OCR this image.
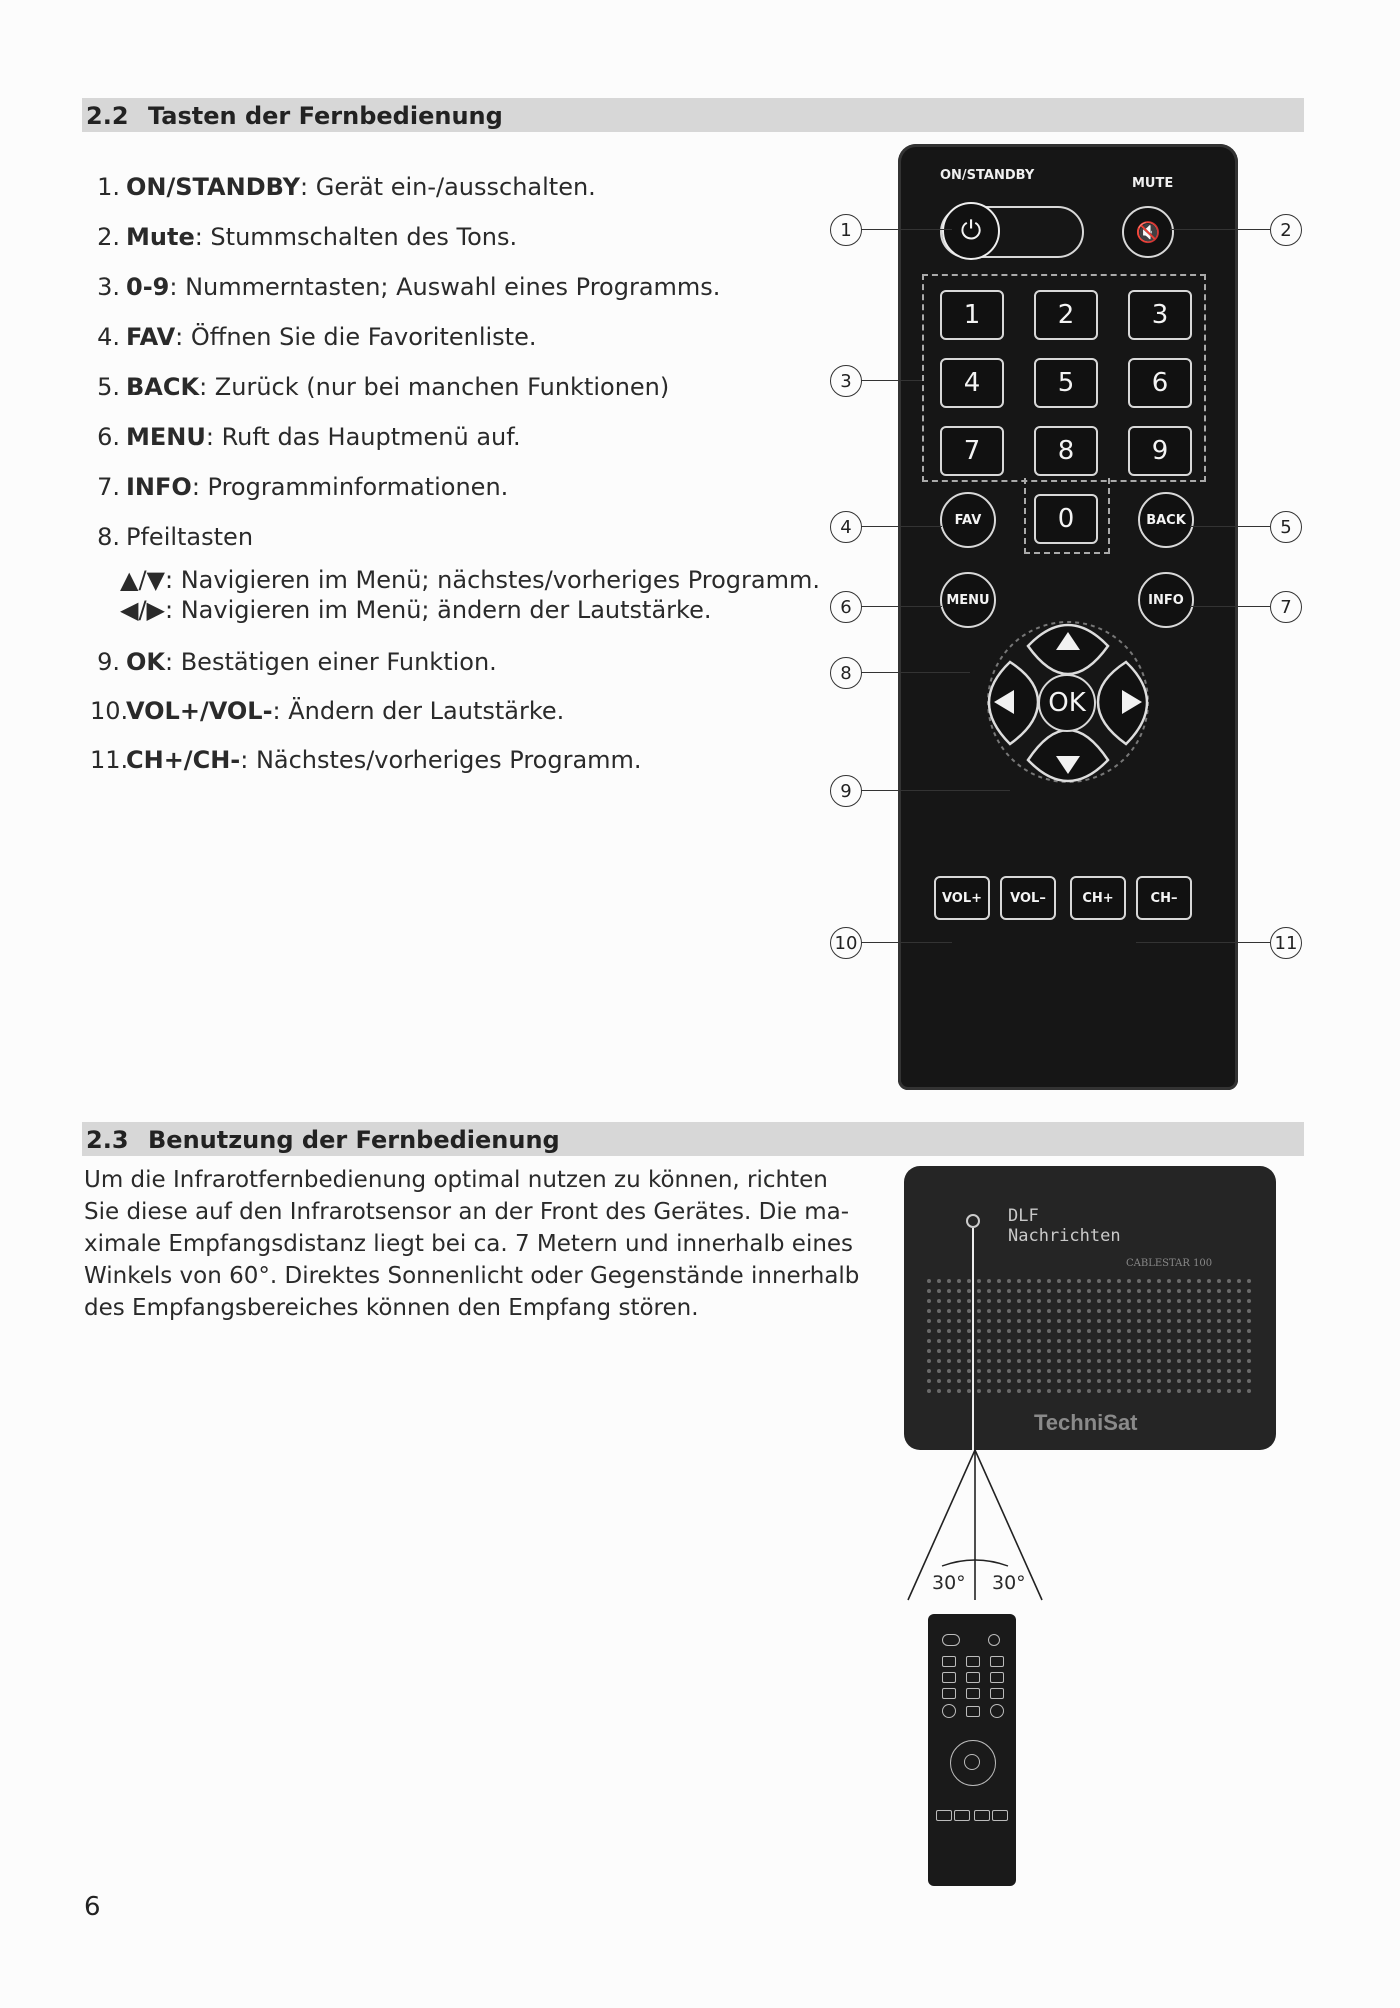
2.2 Tasten der Fernbedienung
1. ON/STANDBY: Gerät ein-/ausschalten.
2. Mute: Stummschalten des Tons.
3. 0-9: Nummerntasten; Auswahl eines Programms.
4. FAV: Öffnen Sie die Favoritenliste.
5. BACK: Zurück (nur bei manchen Funktionen)
6. MENU: Ruft das Hauptmenü auf.
7. INFO: Programminformationen.
8. Pfeiltasten
▲/▼: Navigieren im Menü; nächstes/vorheriges Programm.
◀/▶: Navigieren im Menü; ändern der Lautstärke.
9. OK: Bestätigen einer Funktion.
10.VOL+/VOL-: Ändern der Lautstärke.
11.CH+/CH-: Nächstes/vorheriges Programm.
ON/STANDBY
MUTE
⏻	🔇
1	2	3
4	5	6
7	8	9
0
FAV	BACK
MENU	INFO
OK
VOL+	VOL–	CH+	CH–
1	2
3
4	5
6	7
8
9
10	11
2.3 Benutzung der Fernbedienung
Um die Infrarotfernbedienung optimal nutzen zu können, richten
Sie diese auf den Infrarotsensor an der Front des Gerätes. Die ma-
ximale Empfangsdistanz liegt bei ca. 7 Metern und innerhalb eines
Winkels von 60°. Direktes Sonnenlicht oder Gegenstände innerhalb
des Empfangsbereiches können den Empfang stören.
DLF
Nachrichten
CABLESTAR 100
TechniSat
30° 30°
6
